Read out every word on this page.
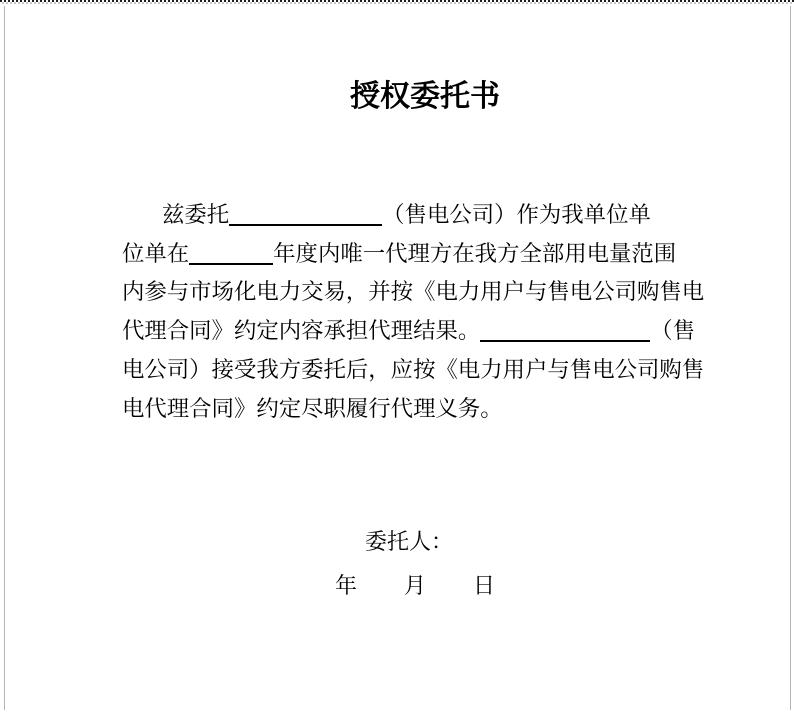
授权委托书
兹委托	（售电公司）作为我单位单
位单在	年度内唯一代理方在我方全部用电量范围
内参与市场化电力交易，并按《电力用户与售电公司购售电
代理合同》约定内容承担代理结果。	（售
电公司）接受我方委托后，应按《电力用户与售电公司购售
电代理合同》约定尽职履行代理义务。
委托人：
年 月 日
